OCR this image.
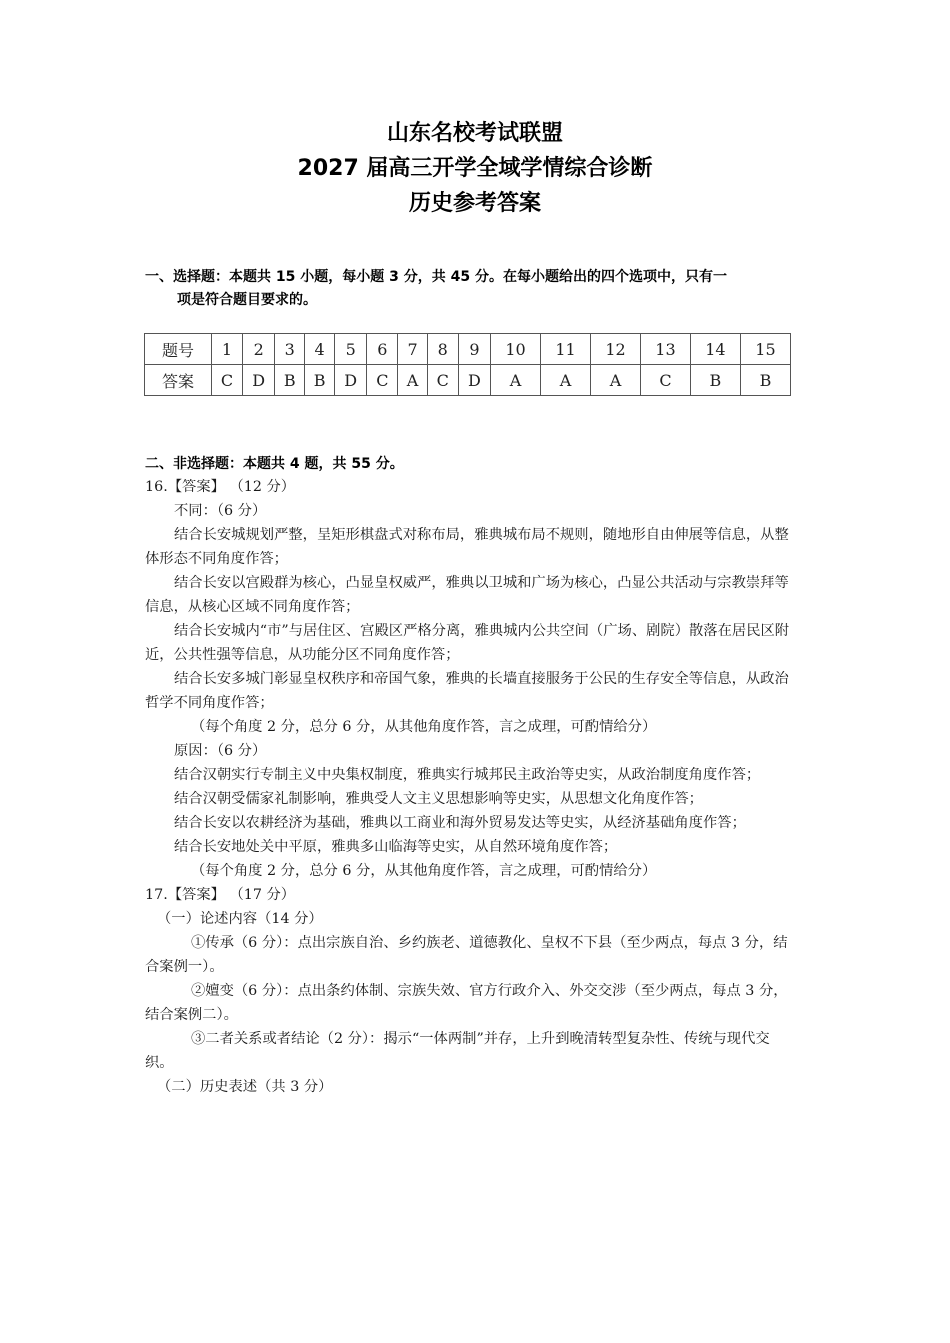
山东名校考试联盟
2027 届高三开学全域学情综合诊断
历史参考答案
一、选择题：本题共 15 小题，每小题 3 分，共 45 分。在每小题给出的四个选项中，只有一
项是符合题目要求的。
题号	1	2	3	4	5	6	7	8	9	10	11	12	13	14	15
答案	C	D	B	B	D	C	A	C	D	A	A	A	C	B	B
二、非选择题：本题共 4 题，共 55 分。

16.【答案】 （12 分）

不同：（6 分）

结合长安城规划严整，呈矩形棋盘式对称布局，雅典城布局不规则，随地形自由伸展等信息，从整体形态不同角度作答；

结合长安以宫殿群为核心，凸显皇权威严，雅典以卫城和广场为核心，凸显公共活动与宗教崇拜等信息，从核心区域不同角度作答；

结合长安城内“市”与居住区、宫殿区严格分离，雅典城内公共空间（广场、剧院）散落在居民区附近，公共性强等信息，从功能分区不同角度作答；

结合长安多城门彰显皇权秩序和帝国气象，雅典的长墙直接服务于公民的生存安全等信息，从政治哲学不同角度作答；

（每个角度 2 分，总分 6 分，从其他角度作答，言之成理，可酌情给分）

原因：（6 分）

结合汉朝实行专制主义中央集权制度，雅典实行城邦民主政治等史实，从政治制度角度作答；

结合汉朝受儒家礼制影响，雅典受人文主义思想影响等史实，从思想文化角度作答；

结合长安以农耕经济为基础，雅典以工商业和海外贸易发达等史实，从经济基础角度作答；

结合长安地处关中平原，雅典多山临海等史实，从自然环境角度作答；

（每个角度 2 分，总分 6 分，从其他角度作答，言之成理，可酌情给分）

17.【答案】 （17 分）

（一）论述内容（14 分）

①传承（6 分）：点出宗族自治、乡约族老、道德教化、皇权不下县（至少两点，每点 3 分，结合案例一）。

②嬗变（6 分）：点出条约体制、宗族失效、官方行政介入、外交交涉（至少两点，每点 3 分，结合案例二）。

③二者关系或者结论（2 分）：揭示“一体两制”并存，上升到晚清转型复杂性、传统与现代交织。

（二）历史表述（共 3 分）
